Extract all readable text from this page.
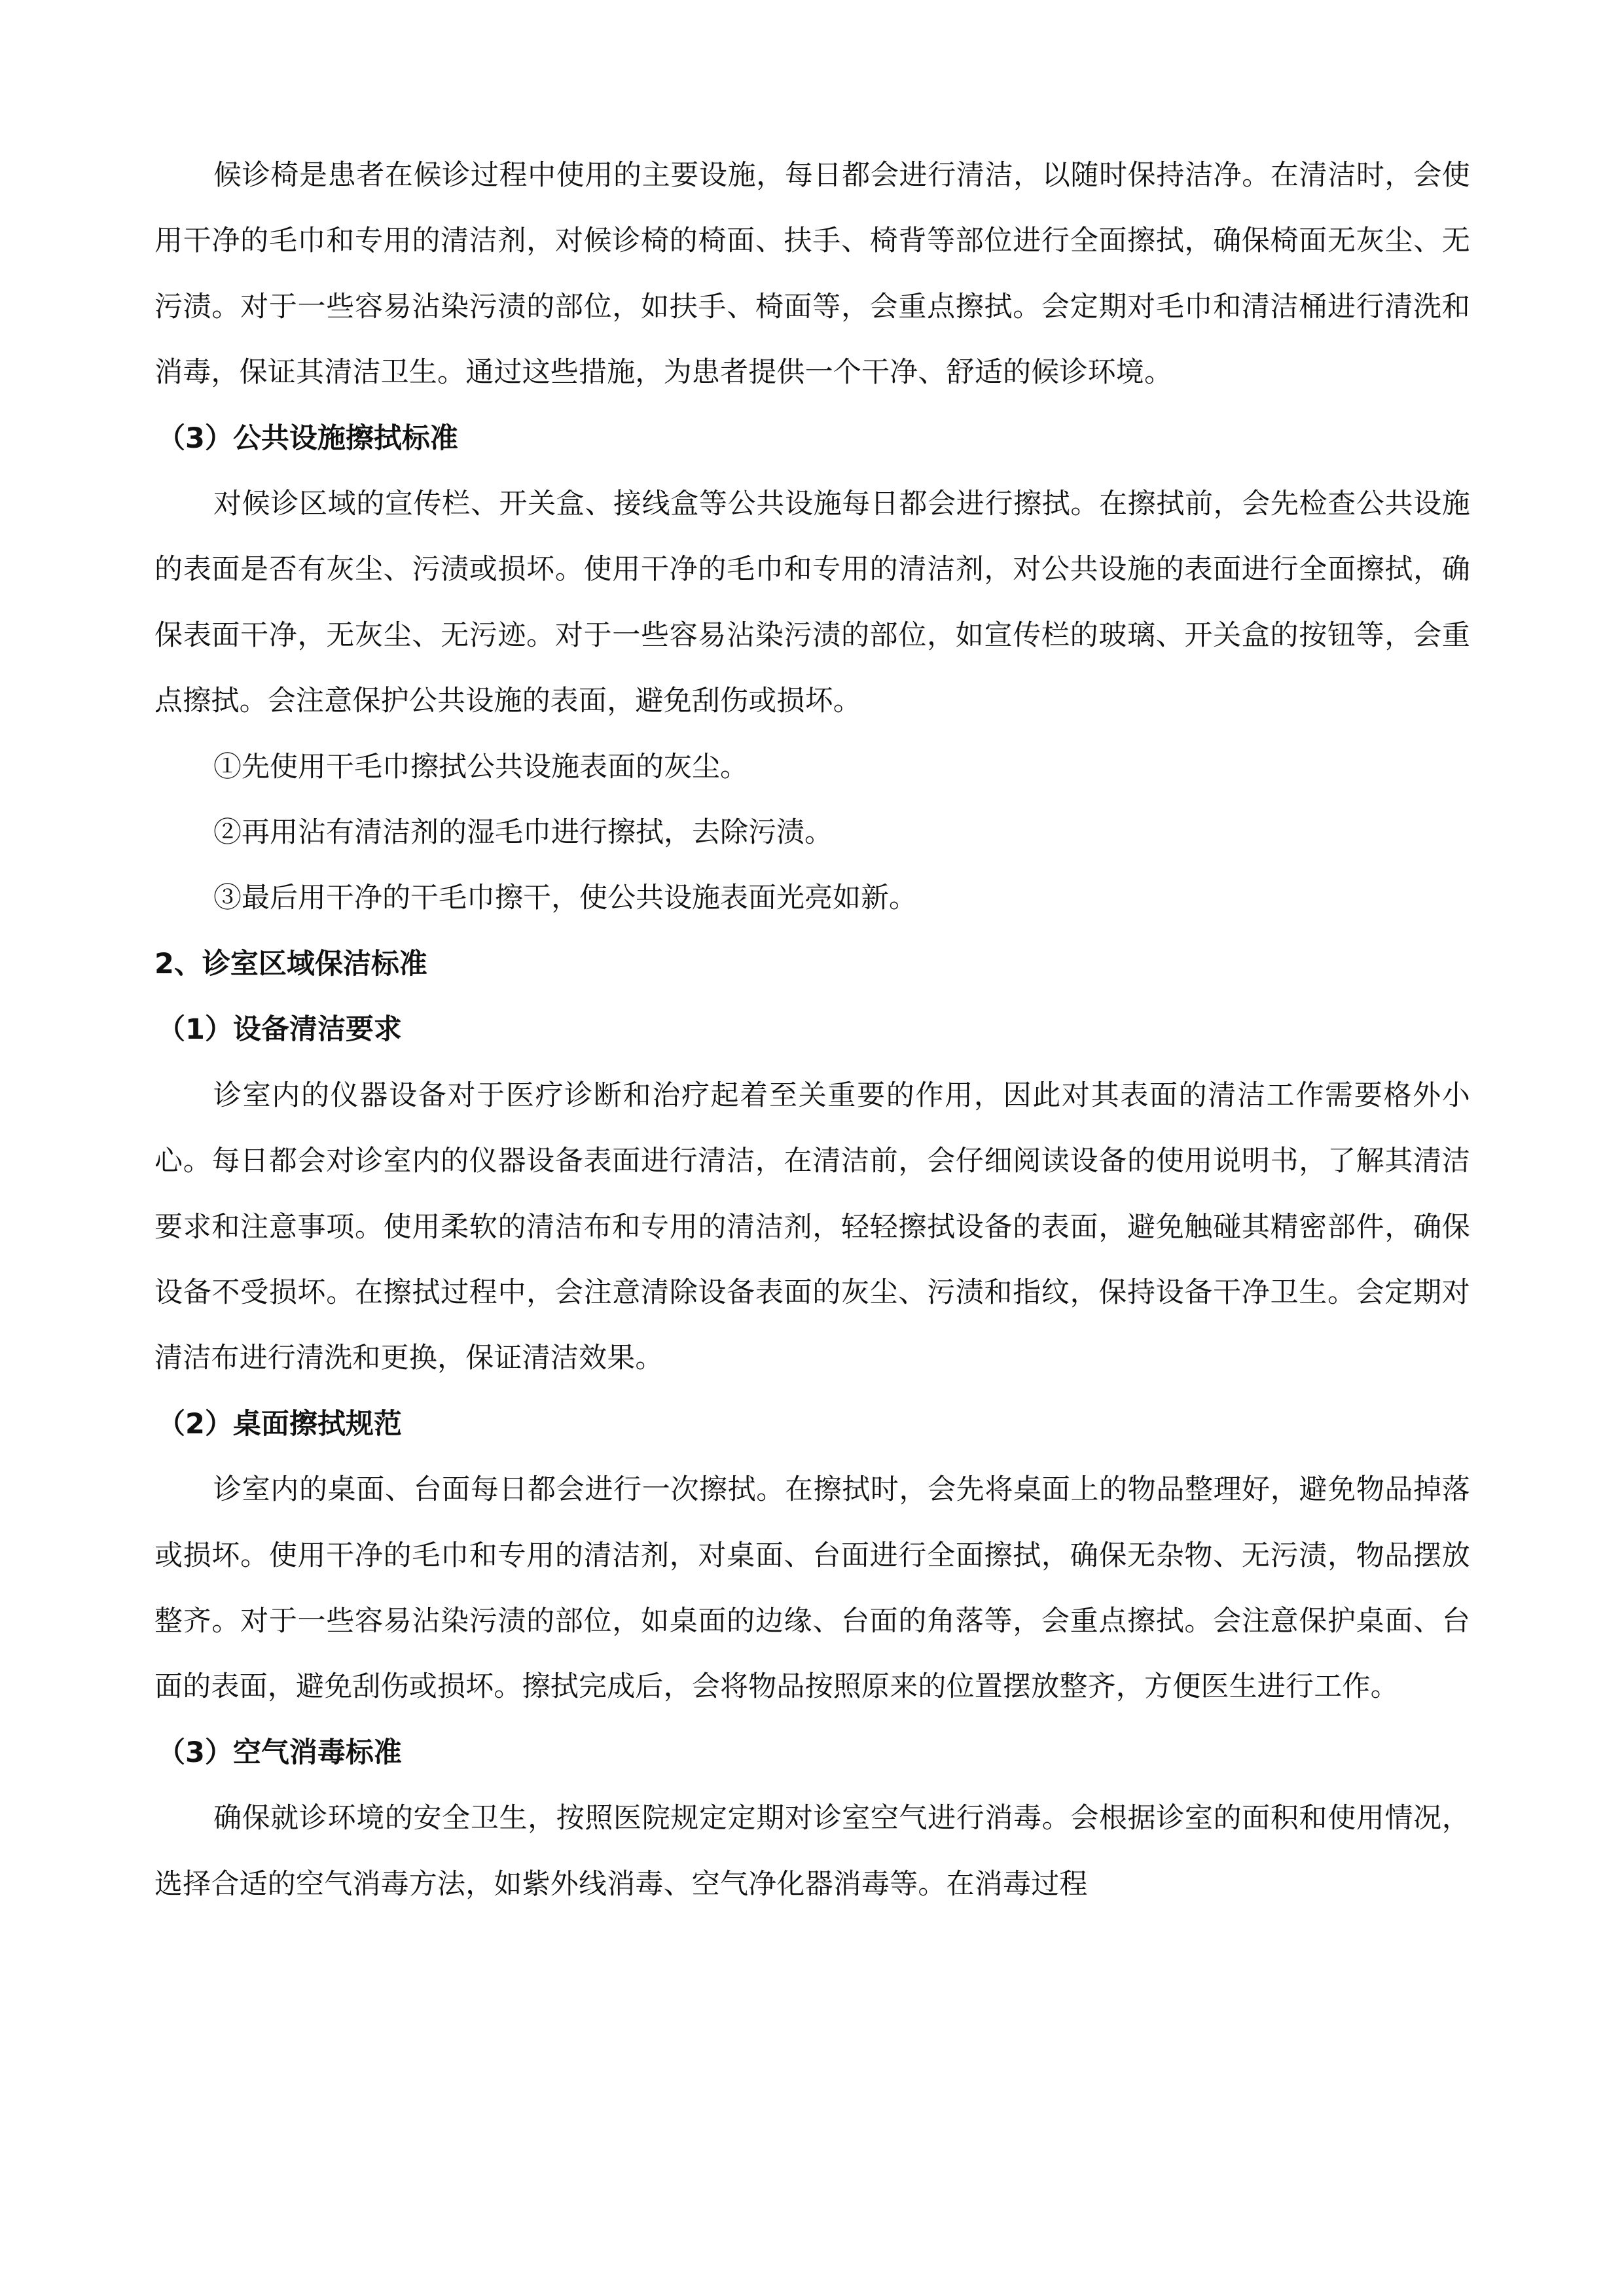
候诊椅是患者在候诊过程中使用的主要设施，每日都会进行清洁，以随时保持洁净。在清洁时，会使用干净的毛巾和专用的清洁剂，对候诊椅的椅面、扶手、椅背等部位进行全面擦拭，确保椅面无灰尘、无污渍。对于一些容易沾染污渍的部位，如扶手、椅面等，会重点擦拭。会定期对毛巾和清洁桶进行清洗和消毒，保证其清洁卫生。通过这些措施，为患者提供一个干净、舒适的候诊环境。

（3）公共设施擦拭标准

对候诊区域的宣传栏、开关盒、接线盒等公共设施每日都会进行擦拭。在擦拭前，会先检查公共设施的表面是否有灰尘、污渍或损坏。使用干净的毛巾和专用的清洁剂，对公共设施的表面进行全面擦拭，确保表面干净，无灰尘、无污迹。对于一些容易沾染污渍的部位，如宣传栏的玻璃、开关盒的按钮等，会重点擦拭。会注意保护公共设施的表面，避免刮伤或损坏。

①先使用干毛巾擦拭公共设施表面的灰尘。

②再用沾有清洁剂的湿毛巾进行擦拭，去除污渍。

③最后用干净的干毛巾擦干，使公共设施表面光亮如新。

2、诊室区域保洁标准
（1）设备清洁要求

诊室内的仪器设备对于医疗诊断和治疗起着至关重要的作用，因此对其表面的清洁工作需要格外小心。每日都会对诊室内的仪器设备表面进行清洁，在清洁前，会仔细阅读设备的使用说明书，了解其清洁要求和注意事项。使用柔软的清洁布和专用的清洁剂，轻轻擦拭设备的表面，避免触碰其精密部件，确保设备不受损坏。在擦拭过程中，会注意清除设备表面的灰尘、污渍和指纹，保持设备干净卫生。会定期对清洁布进行清洗和更换，保证清洁效果。

（2）桌面擦拭规范

诊室内的桌面、台面每日都会进行一次擦拭。在擦拭时，会先将桌面上的物品整理好，避免物品掉落或损坏。使用干净的毛巾和专用的清洁剂，对桌面、台面进行全面擦拭，确保无杂物、无污渍，物品摆放整齐。对于一些容易沾染污渍的部位，如桌面的边缘、台面的角落等，会重点擦拭。会注意保护桌面、台面的表面，避免刮伤或损坏。擦拭完成后，会将物品按照原来的位置摆放整齐，方便医生进行工作。

（3）空气消毒标准

确保就诊环境的安全卫生，按照医院规定定期对诊室空气进行消毒。会根据诊室的面积和使用情况，选择合适的空气消毒方法，如紫外线消毒、空气净化器消毒等。在消毒过程
